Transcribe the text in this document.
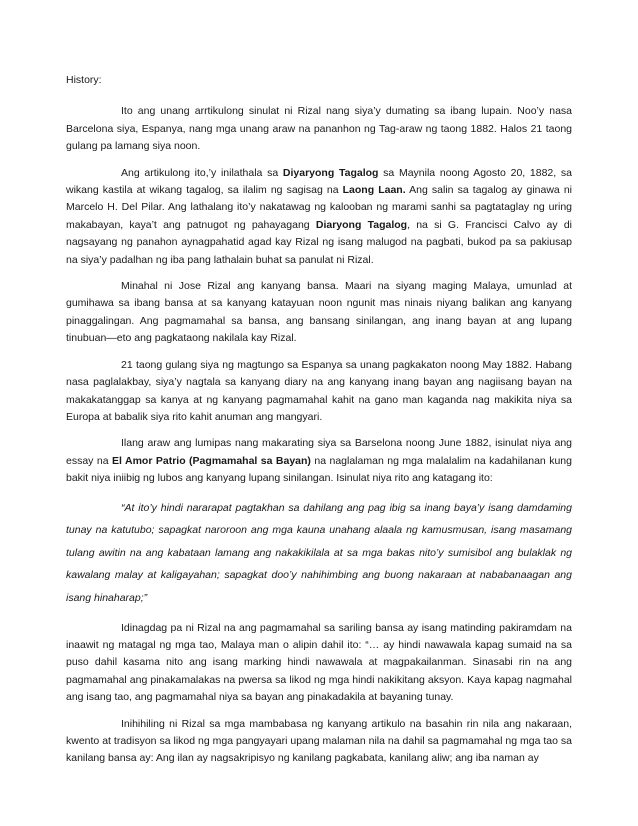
History:

Ito ang unang arrtikulong sinulat ni Rizal nang siya’y dumating sa ibang lupain. Noo’y nasa Barcelona siya, Espanya, nang mga unang araw na pananhon ng Tag-araw ng taong 1882. Halos 21 taong gulang pa lamang siya noon.

Ang artikulong ito,’y inilathala sa Diyaryong Tagalog sa Maynila noong Agosto 20, 1882, sa wikang kastila at wikang tagalog, sa ilalim ng sagisag na Laong Laan. Ang salin sa tagalog ay ginawa ni Marcelo H. Del Pilar. Ang lathalang ito’y nakatawag ng kalooban ng marami sanhi sa pagtataglay ng uring makabayan, kaya’t ang patnugot ng pahayagang Diaryong Tagalog, na si G. Francisci Calvo ay di nagsayang ng panahon aynagpahatid agad kay Rizal ng isang malugod na pagbati, bukod pa sa pakiusap na siya’y padalhan ng iba pang lathalain buhat sa panulat ni Rizal.

Minahal ni Jose Rizal ang kanyang bansa. Maari na siyang maging Malaya, umunlad at gumihawa sa ibang bansa at sa kanyang katayuan noon ngunit mas ninais niyang balikan ang kanyang pinaggalingan. Ang pagmamahal sa bansa, ang bansang sinilangan, ang inang bayan at ang lupang tinubuan—eto ang pagkataong nakilala kay Rizal.

21 taong gulang siya ng magtungo sa Espanya sa unang pagkakaton noong May 1882. Habang nasa paglalakbay, siya’y nagtala sa kanyang diary na ang kanyang inang bayan ang nagiisang bayan na makakatanggap sa kanya at ng kanyang pagmamahal kahit na gano man kaganda nag makikita niya sa Europa at babalik siya rito kahit anuman ang mangyari.

Ilang araw ang lumipas nang makarating siya sa Barselona noong June 1882, isinulat niya ang essay na El Amor Patrio (Pagmamahal sa Bayan) na naglalaman ng mga malalalim na kadahilanan kung bakit niya iniibig ng lubos ang kanyang lupang sinilangan. Isinulat niya rito ang katagang ito:

“At ito’y hindi nararapat pagtakhan sa dahilang ang pag ibig sa inang baya’y isang damdaming tunay na katutubo; sapagkat naroroon ang mga kauna unahang alaala ng kamusmusan, isang masamang tulang awitin na ang kabataan lamang ang nakakikilala at sa mga bakas nito’y sumisibol ang bulaklak ng kawalang malay at kaligayahan; sapagkat doo’y nahihimbing ang buong nakaraan at nababanaagan ang isang hinaharap;”

Idinagdag pa ni Rizal na ang pagmamahal sa sariling bansa ay isang matinding pakiramdam na inaawit ng matagal ng mga tao, Malaya man o alipin dahil ito: “… ay hindi nawawala kapag sumaid na sa puso dahil kasama nito ang isang marking hindi nawawala at magpakailanman. Sinasabi rin na ang pagmamahal ang pinakamalakas na pwersa sa likod ng mga hindi nakikitang aksyon. Kaya kapag nagmahal ang isang tao, ang pagmamahal niya sa bayan ang pinakadakila at bayaning tunay.

Inihihiling ni Rizal sa mga mambabasa ng kanyang artikulo na basahin rin nila ang nakaraan, kwento at tradisyon sa likod ng mga pangyayari upang malaman nila na dahil sa pagmamahal ng mga tao sa kanilang bansa ay: Ang ilan ay nagsakripisyo ng kanilang pagkabata, kanilang aliw; ang iba naman ay
